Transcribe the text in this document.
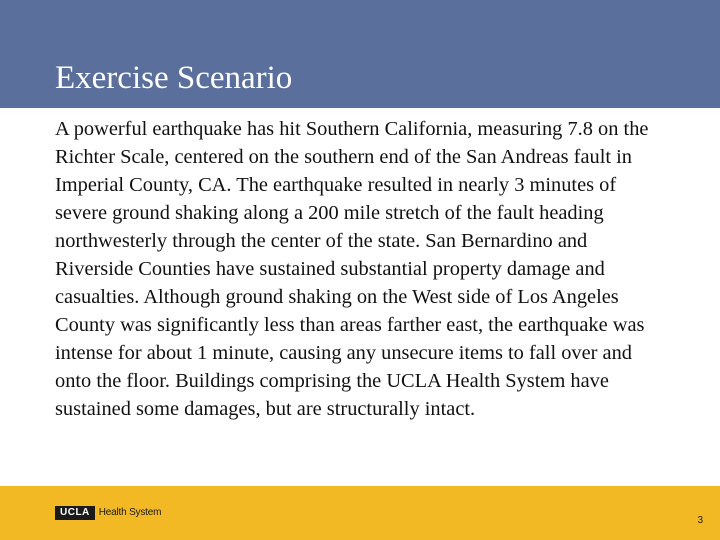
Exercise Scenario

A powerful earthquake has hit Southern California, measuring 7.8 on the Richter Scale, centered on the southern end of the San Andreas fault in Imperial County, CA. The earthquake resulted in nearly 3 minutes of severe ground shaking along a 200 mile stretch of the fault heading northwesterly through the center of the state. San Bernardino and Riverside Counties have sustained substantial property damage and casualties. Although ground shaking on the West side of Los Angeles County was significantly less than areas farther east, the earthquake was intense for about 1 minute, causing any unsecure items to fall over and onto the floor. Buildings comprising the UCLA Health System have sustained some damages, but are structurally intact.

UCLA Health System
3
